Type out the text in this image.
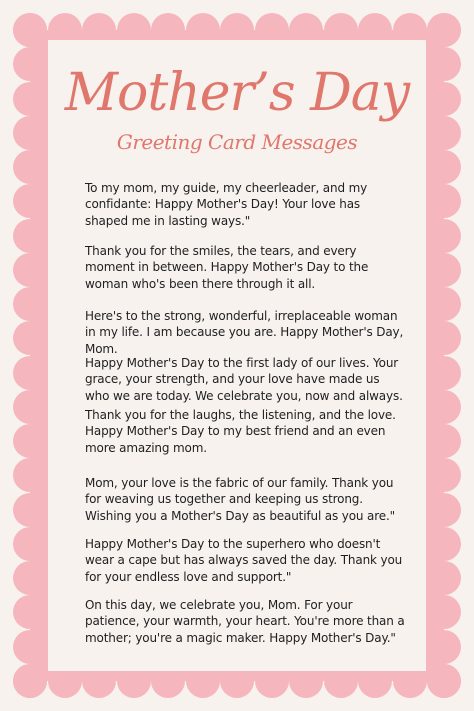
Mother’s Day
Greeting Card Messages

To my mom, my guide, my cheerleader, and my confidante: Happy Mother's Day! Your love has shaped me in lasting ways."

Thank you for the smiles, the tears, and every moment in between. Happy Mother's Day to the woman who's been there through it all.

Here's to the strong, wonderful, irreplaceable woman in my life. I am because you are. Happy Mother's Day, Mom.

Happy Mother's Day to the first lady of our lives. Your grace, your strength, and your love have made us who we are today. We celebrate you, now and always.

Thank you for the laughs, the listening, and the love. Happy Mother's Day to my best friend and an even more amazing mom.

Mom, your love is the fabric of our family. Thank you for weaving us together and keeping us strong. Wishing you a Mother's Day as beautiful as you are."

Happy Mother's Day to the superhero who doesn't wear a cape but has always saved the day. Thank you for your endless love and support."

On this day, we celebrate you, Mom. For your patience, your warmth, your heart. You're more than a mother; you're a magic maker. Happy Mother's Day."
